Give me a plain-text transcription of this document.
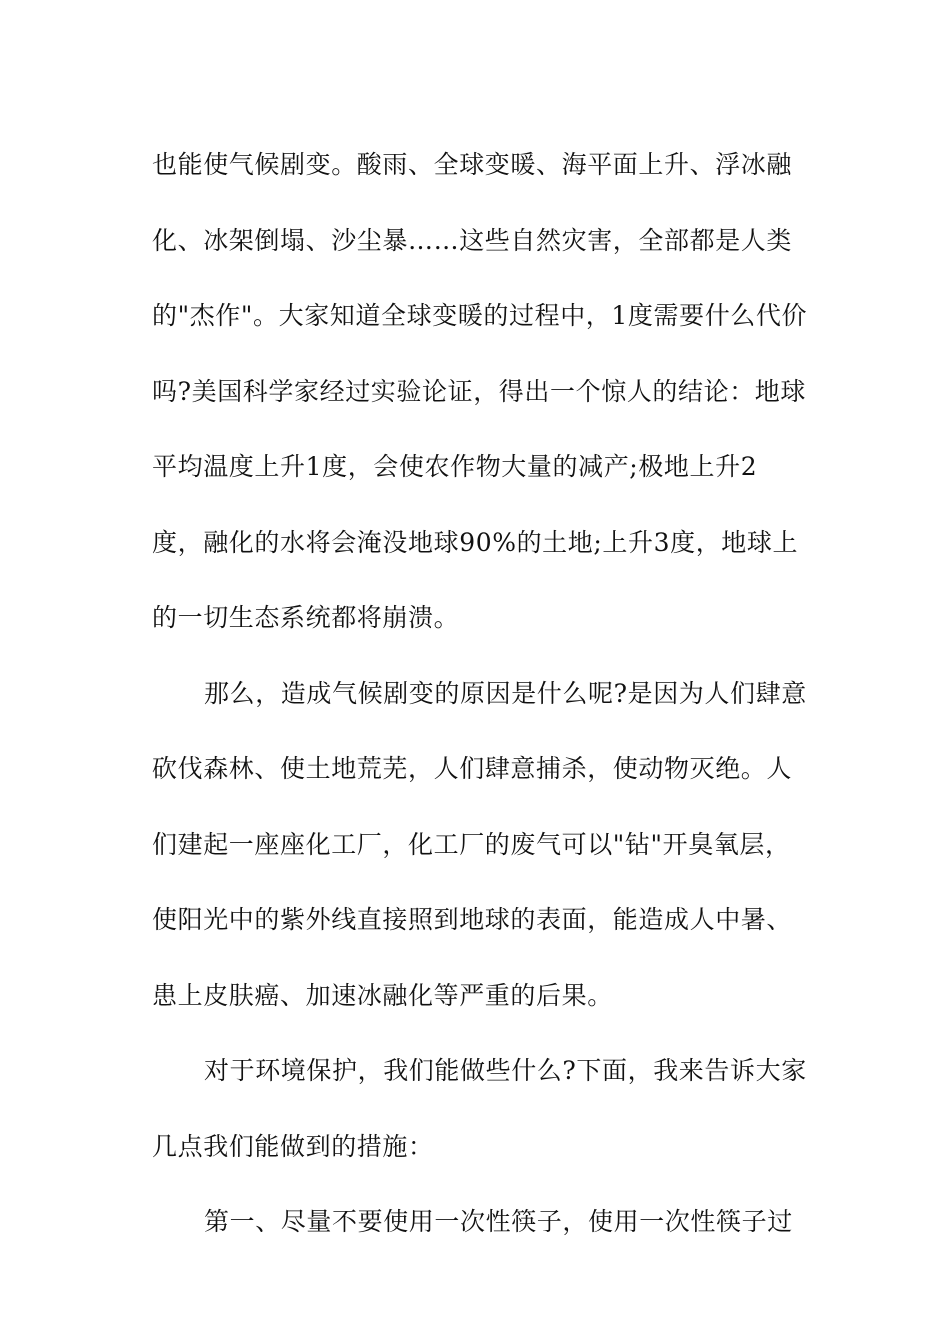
也能使气候剧变。酸雨、全球变暖、海平面上升、浮冰融
化、冰架倒塌、沙尘暴……这些自然灾害，全部都是人类
的"杰作"。大家知道全球变暖的过程中，1度需要什么代价
吗?美国科学家经过实验论证，得出一个惊人的结论：地球
平均温度上升1度，会使农作物大量的减产;极地上升2
度，融化的水将会淹没地球90%的土地;上升3度，地球上
的一切生态系统都将崩溃。
那么，造成气候剧变的原因是什么呢?是因为人们肆意
砍伐森林、使土地荒芜，人们肆意捕杀，使动物灭绝。人
们建起一座座化工厂，化工厂的废气可以"钻"开臭氧层，
使阳光中的紫外线直接照到地球的表面，能造成人中暑、
患上皮肤癌、加速冰融化等严重的后果。
对于环境保护，我们能做些什么?下面，我来告诉大家
几点我们能做到的措施：
第一、尽量不要使用一次性筷子，使用一次性筷子过
